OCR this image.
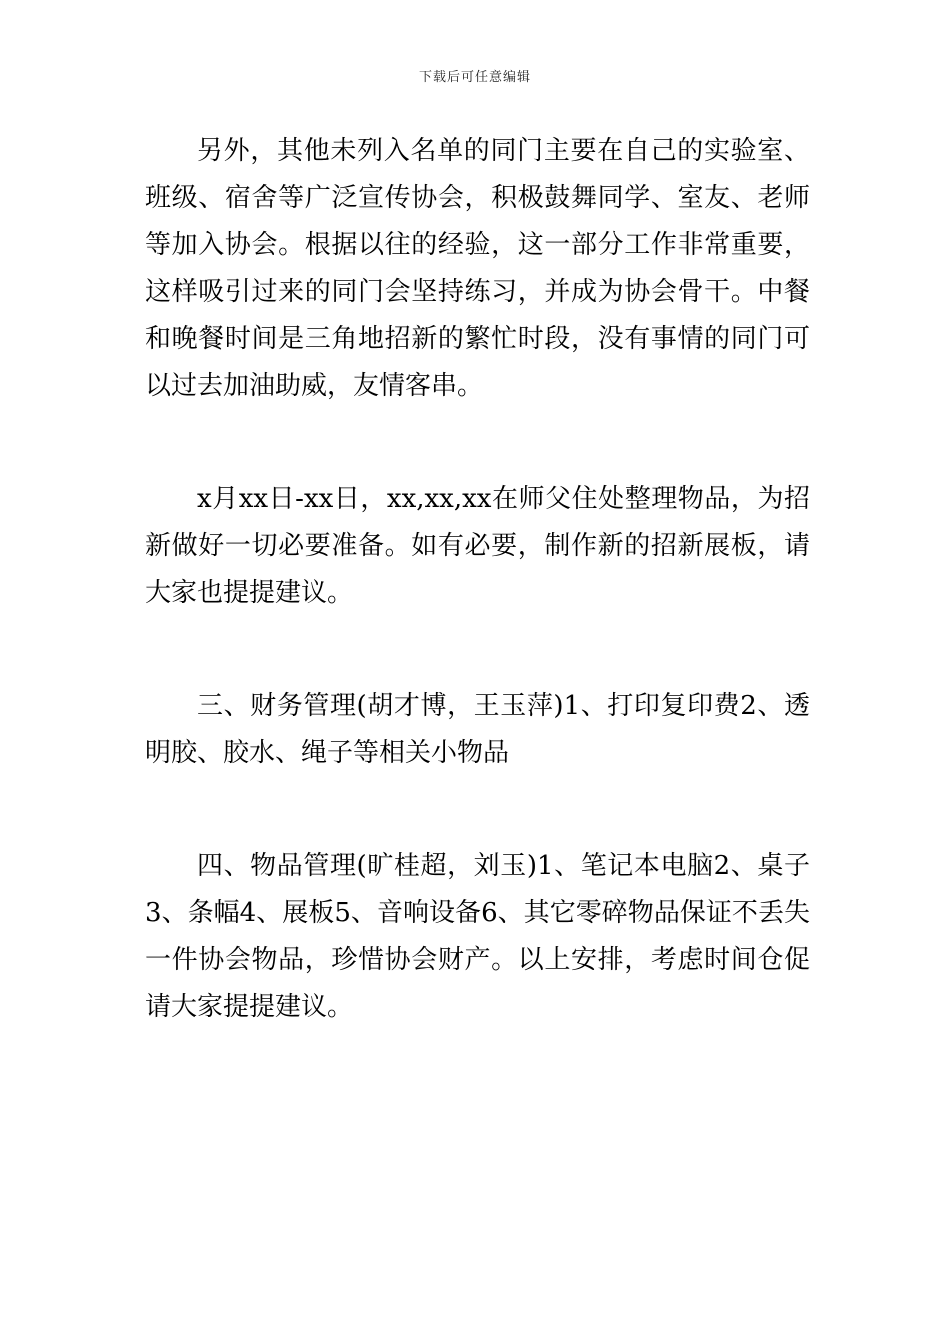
下载后可任意编辑

另外，其他未列入名单的同门主要在自己的实验室、班级、宿舍等广泛宣传协会，积极鼓舞同学、室友、老师等加入协会。根据以往的经验，这一部分工作非常重要，这样吸引过来的同门会坚持练习，并成为协会骨干。中餐和晚餐时间是三角地招新的繁忙时段，没有事情的同门可以过去加油助威，友情客串。

x月xx日-xx日，xx,xx,xx在师父住处整理物品，为招新做好一切必要准备。如有必要，制作新的招新展板，请大家也提提建议。

三、财务管理(胡才博，王玉萍)1、打印复印费2、透明胶、胶水、绳子等相关小物品

四、物品管理(旷桂超，刘玉)1、笔记本电脑2、桌子3、条幅4、展板5、音响设备6、其它零碎物品保证不丢失一件协会物品，珍惜协会财产。以上安排，考虑时间仓促请大家提提建议。
